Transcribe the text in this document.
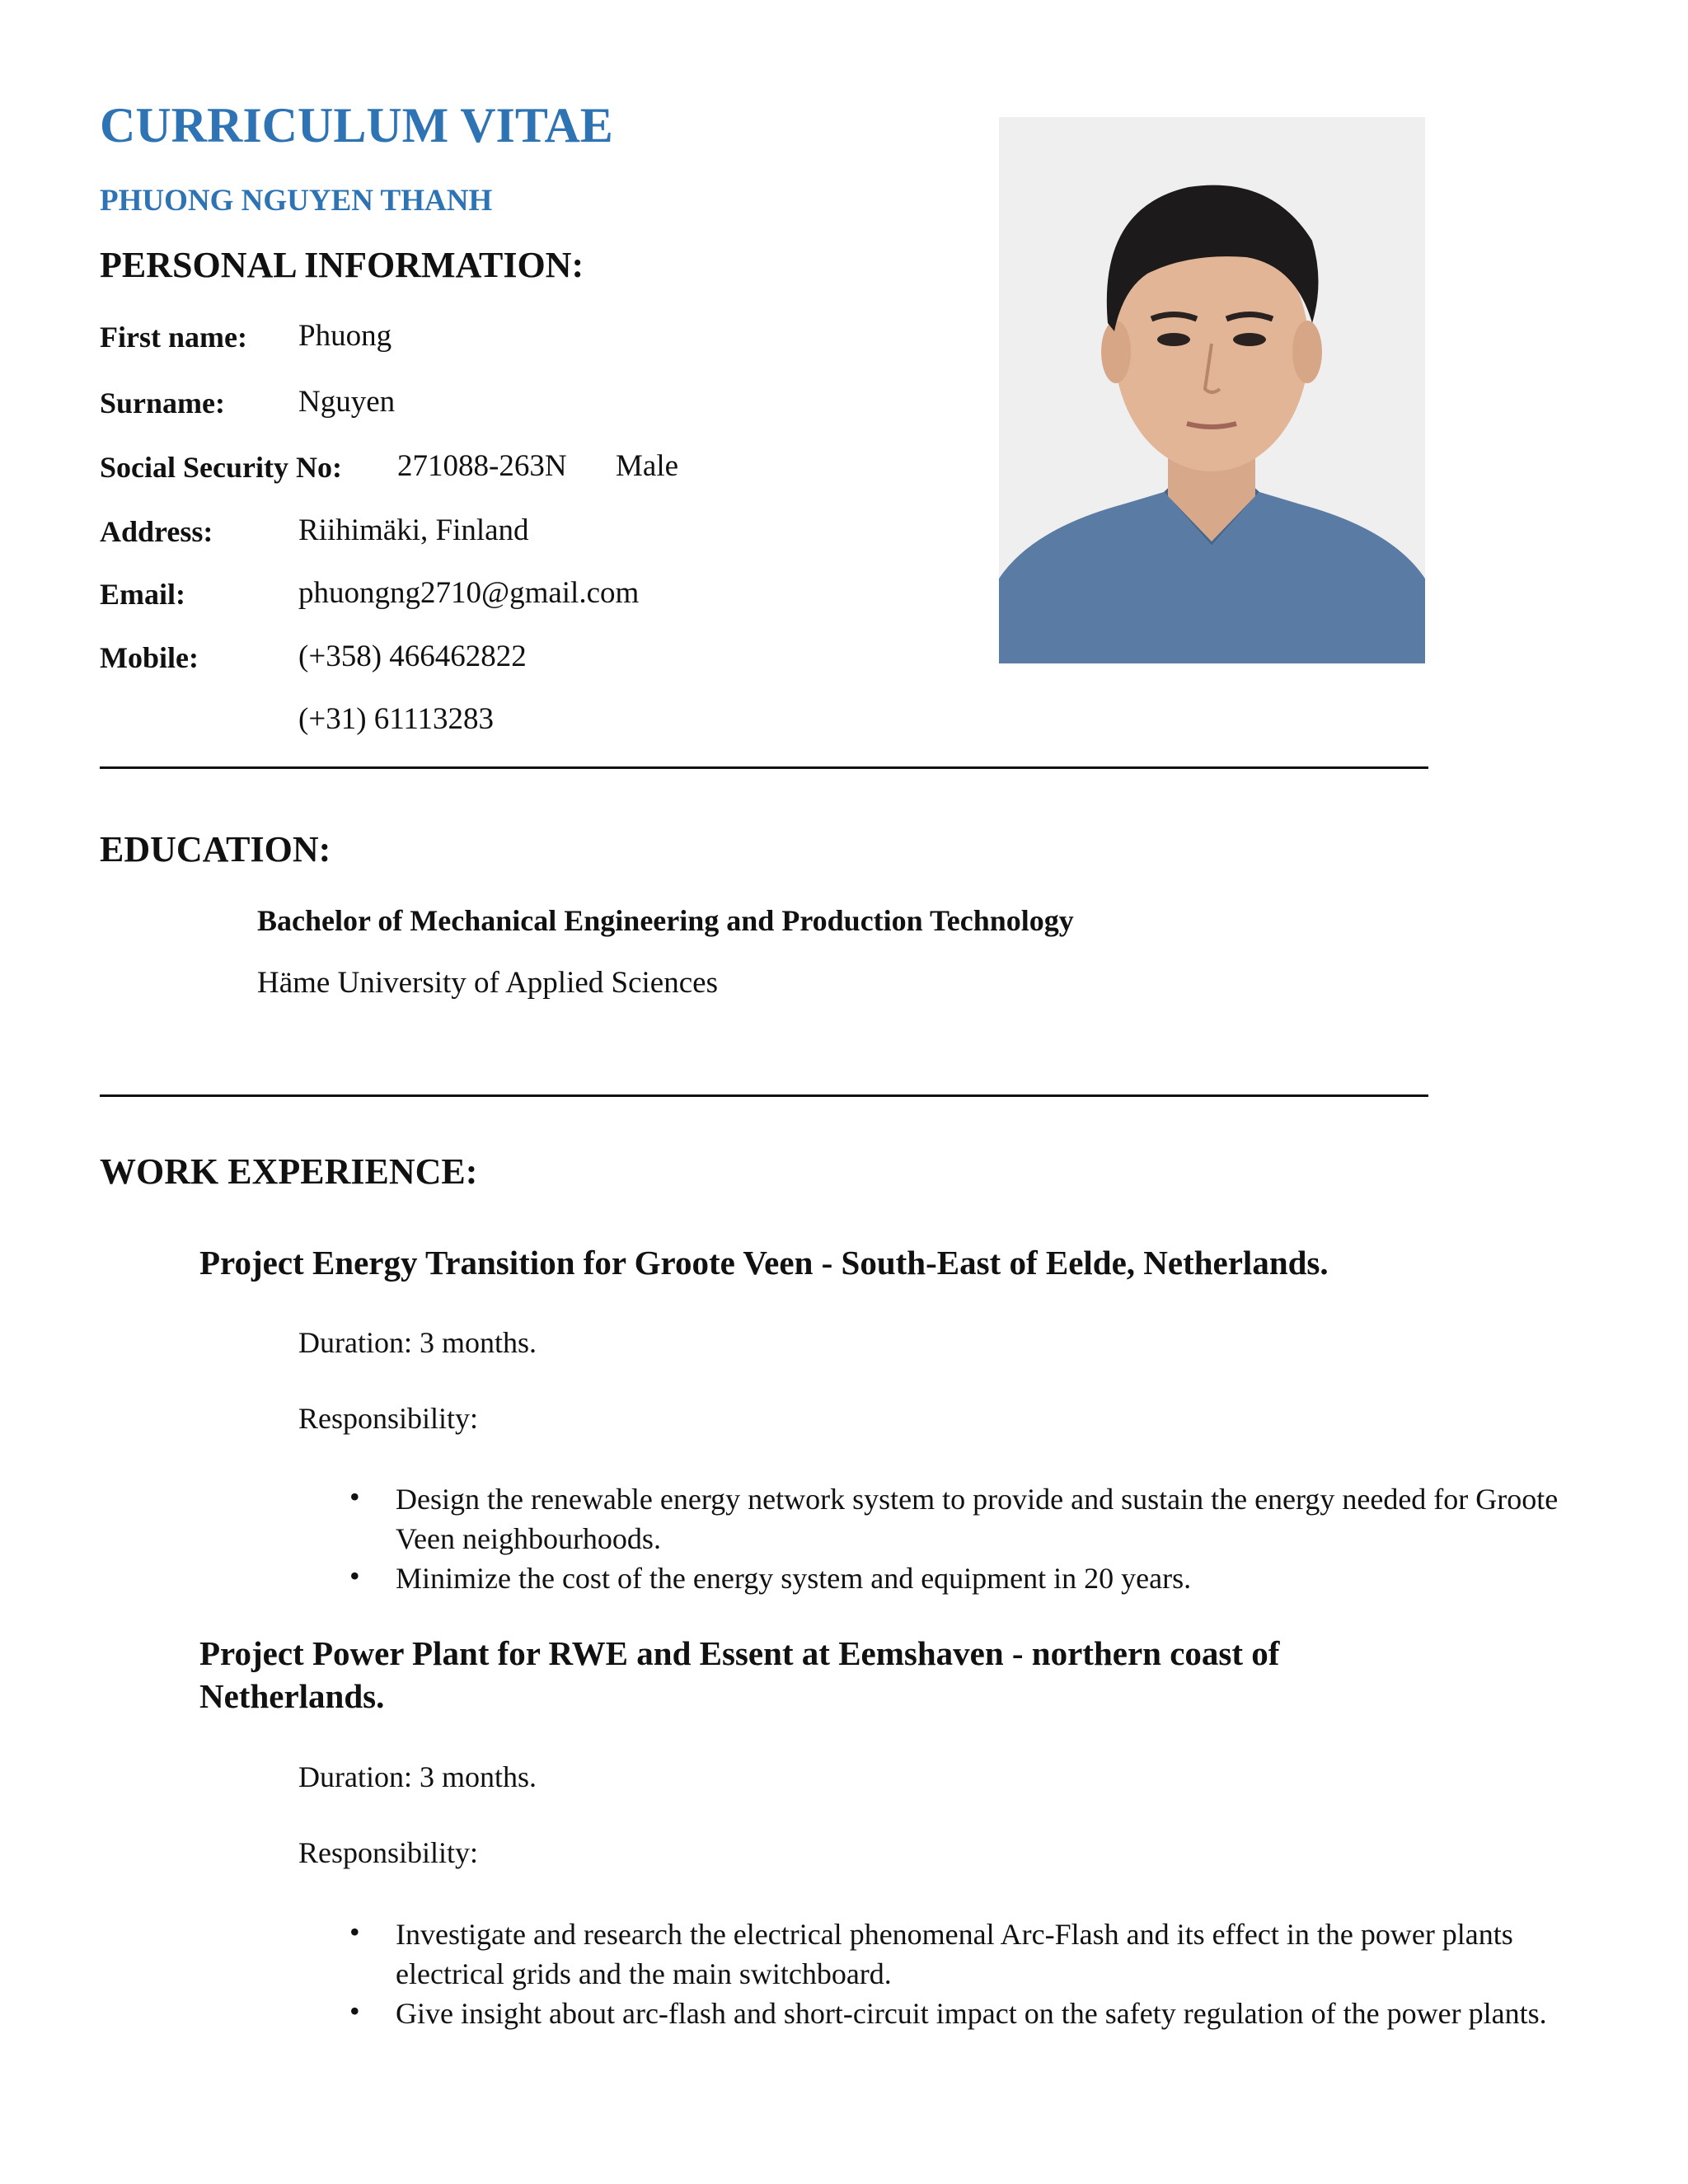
CURRICULUM VITAE
PHUONG NGUYEN THANH
PERSONAL INFORMATION:
First name: Phuong
Surname: Nguyen
Social Security No: 271088-263N Male
Address:	Riihimäki, Finland
Email:	phuongng2710@gmail.com
Mobile:	(+358) 466462822
(+31) 61113283
EDUCATION:
Bachelor of Mechanical Engineering and Production Technology
Häme University of Applied Sciences
WORK EXPERIENCE:
Project Energy Transition for Groote Veen - South-East of Eelde, Netherlands.
Duration: 3 months.
Responsibility:
• Design the renewable energy network system to provide and sustain the energy needed for Groote Veen neighbourhoods.
• Minimize the cost of the energy system and equipment in 20 years.
Project Power Plant for RWE and Essent at Eemshaven - northern coast of
Netherlands.
Duration: 3 months.
Responsibility:
• Investigate and research the electrical phenomenal Arc-Flash and its effect in the power plants electrical grids and the main switchboard.
• Give insight about arc-flash and short-circuit impact on the safety regulation of the power plants.
